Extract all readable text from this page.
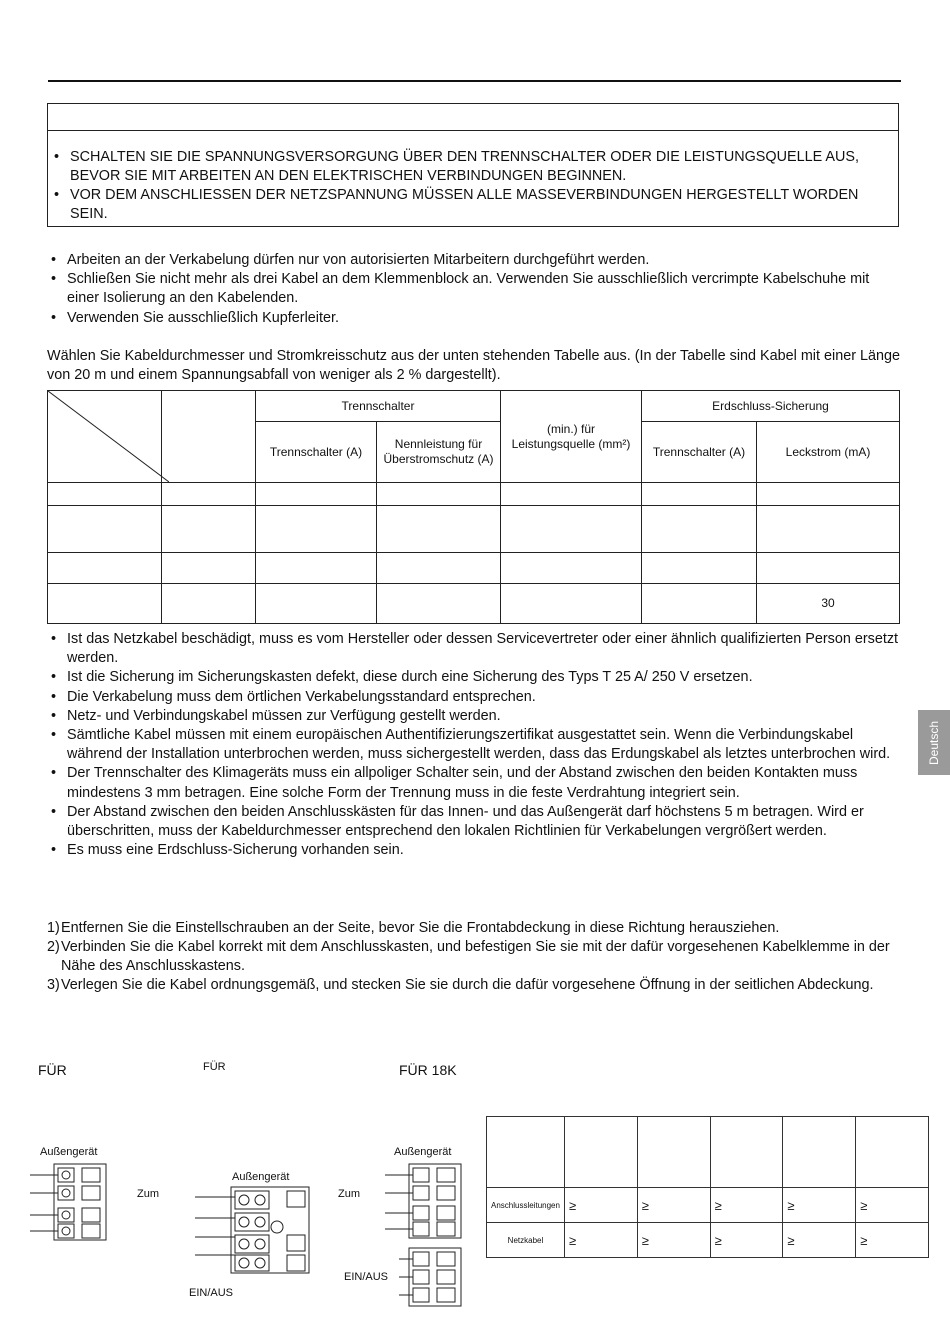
• SCHALTEN SIE DIE SPANNUNGSVERSORGUNG ÜBER DEN TRENNSCHALTER ODER DIE LEISTUNGSQUELLE AUS, BEVOR SIE MIT ARBEITEN AN DEN ELEKTRISCHEN VERBINDUNGEN BEGINNEN.
• VOR DEM ANSCHLIESSEN DER NETZSPANNUNG MÜSSEN ALLE MASSEVERBINDUNGEN HERGESTELLT WORDEN SEIN.
• Arbeiten an der Verkabelung dürfen nur von autorisierten Mitarbeitern durchgeführt werden.
• Schließen Sie nicht mehr als drei Kabel an dem Klemmenblock an. Verwenden Sie ausschließlich vercrimpte Kabelschuhe mit einer Isolierung an den Kabelenden.
• Verwenden Sie ausschließlich Kupferleiter.
Wählen Sie Kabeldurchmesser und Stromkreisschutz aus der unten stehenden Tabelle aus. (In der Tabelle sind Kabel mit einer Länge von 20 m und einem Spannungsabfall von weniger als 2 % dargestellt).
		Trennschalter		(min.) für Leistungsquelle (mm²)	Erdschluss-Sicherung	
		Trennschalter (A)	Nennleistung für Überstromschutz (A)		Trennschalter (A)	Leckstrom (mA)

						30
• Ist das Netzkabel beschädigt, muss es vom Hersteller oder dessen Servicevertreter oder einer ähnlich qualifizierten Person ersetzt werden.
• Ist die Sicherung im Sicherungskasten defekt, diese durch eine Sicherung des Typs T 25 A/ 250 V ersetzen.
• Die Verkabelung muss dem örtlichen Verkabelungsstandard entsprechen.
• Netz- und Verbindungskabel müssen zur Verfügung gestellt werden.
• Sämtliche Kabel müssen mit einem europäischen Authentifizierungszertifikat ausgestattet sein. Wenn die Verbindungskabel während der Installation unterbrochen werden, muss sichergestellt werden, dass das Erdungskabel als letztes unterbrochen wird.
• Der Trennschalter des Klimageräts muss ein allpoliger Schalter sein, und der Abstand zwischen den beiden Kontakten muss mindestens 3 mm betragen. Eine solche Form der Trennung muss in die feste Verdrahtung integriert sein.
• Der Abstand zwischen den beiden Anschlusskästen für das Innen- und das Außengerät darf höchstens 5 m betragen. Wird er überschritten, muss der Kabeldurchmesser entsprechend den lokalen Richtlinien für Verkabelungen vergrößert werden.
• Es muss eine Erdschluss-Sicherung vorhanden sein.
1) Entfernen Sie die Einstellschrauben an der Seite, bevor Sie die Frontabdeckung in diese Richtung herausziehen.
2) Verbinden Sie die Kabel korrekt mit dem Anschlusskasten, und befestigen Sie sie mit der dafür vorgesehenen Kabelklemme in der Nähe des Anschlusskastens.
3) Verlegen Sie die Kabel ordnungsgemäß, und stecken Sie sie durch die dafür vorgesehene Öffnung in der seitlichen Abdeckung.
Deutsch
FÜR	FÜR	FÜR 18K
Außengerät
Außengerät
Außengerät
Zum	Zum
EIN/AUS
EIN/AUS

Anschlussleitungen	≥	≥	≥	≥	≥
Netzkabel	≥	≥	≥	≥	≥
